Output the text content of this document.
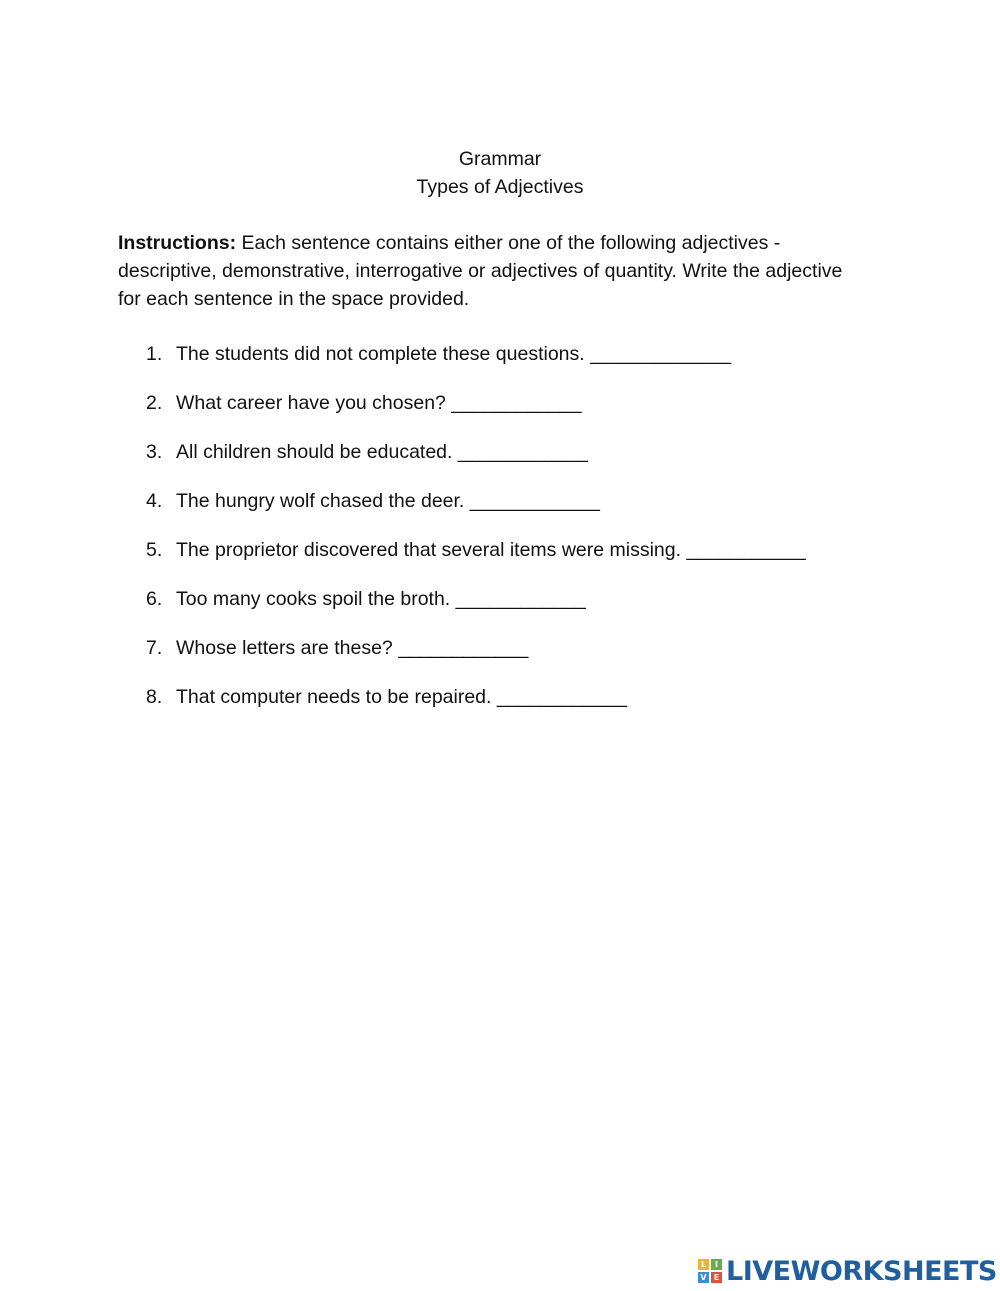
Grammar
Types of Adjectives
Instructions: Each sentence contains either one of the following adjectives - descriptive, demonstrative, interrogative or adjectives of quantity. Write the adjective for each sentence in the space provided.
1. The students did not complete these questions. _____________
2. What career have you chosen? ____________
3. All children should be educated. ____________
4. The hungry wolf chased the deer. ____________
5. The proprietor discovered that several items were missing. ___________
6. Too many cooks spoil the broth. ____________
7. Whose letters are these? ____________
8. That computer needs to be repaired. ____________
L	I
V E LIVEWORKSHEETS
